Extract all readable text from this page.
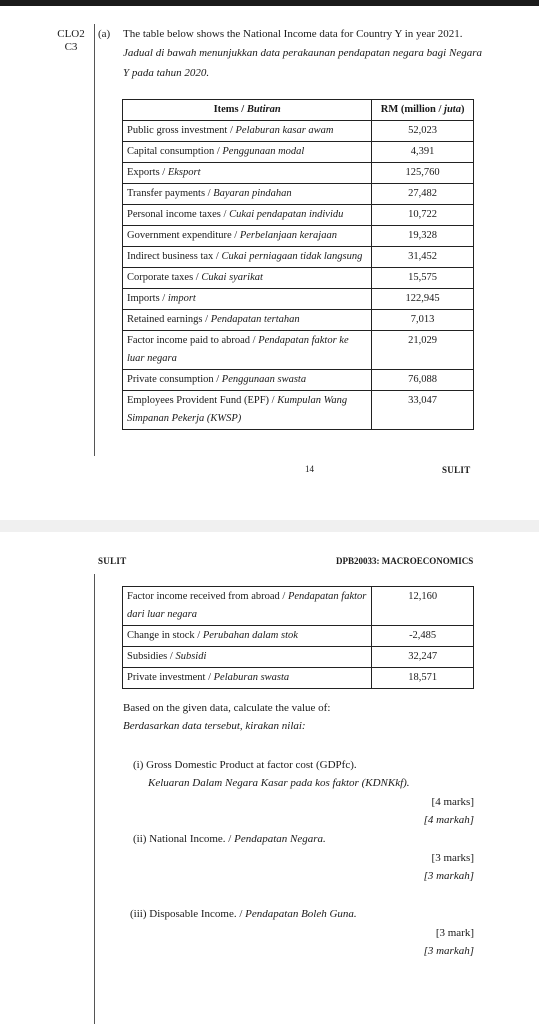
CLO2
C3
(a) The table below shows the National Income data for Country Y in year 2021.
Jadual di bawah menunjukkan data perakaunan pendapatan negara bagi Negara
Y pada tahun 2020.
Items / Butiran	RM (million / juta)
Public gross investment / Pelaburan kasar awam	52,023
Capital consumption / Penggunaan modal	4,391
Exports / Eksport	125,760
Transfer payments / Bayaran pindahan	27,482
Personal income taxes / Cukai pendapatan individu	10,722
Government expenditure / Perbelanjaan kerajaan	19,328
Indirect business tax / Cukai perniagaan tidak langsung	31,452
Corporate taxes / Cukai syarikat	15,575
Imports / import	122,945
Retained earnings / Pendapatan tertahan	7,013
Factor income paid to abroad / Pendapatan faktor ke luar negara	21,029
Private consumption / Penggunaan swasta	76,088
Employees Provident Fund (EPF) / Kumpulan Wang Simpanan Pekerja (KWSP)	33,047
14	SULIT
SULIT	DPB20033: MACROECONOMICS
Factor income received from abroad / Pendapatan faktor dari luar negara	12,160
Change in stock / Perubahan dalam stok	-2,485
Subsidies / Subsidi	32,247
Private investment / Pelaburan swasta	18,571
Based on the given data, calculate the value of:
Berdasarkan data tersebut, kirakan nilai:
(i) Gross Domestic Product at factor cost (GDPfc).
Keluaran Dalam Negara Kasar pada kos faktor (KDNKkf).
[4 marks]
[4 markah]
(ii) National Income. / Pendapatan Negara.
[3 marks]
[3 markah]
(iii) Disposable Income. / Pendapatan Boleh Guna.
[3 mark]
[3 markah]
